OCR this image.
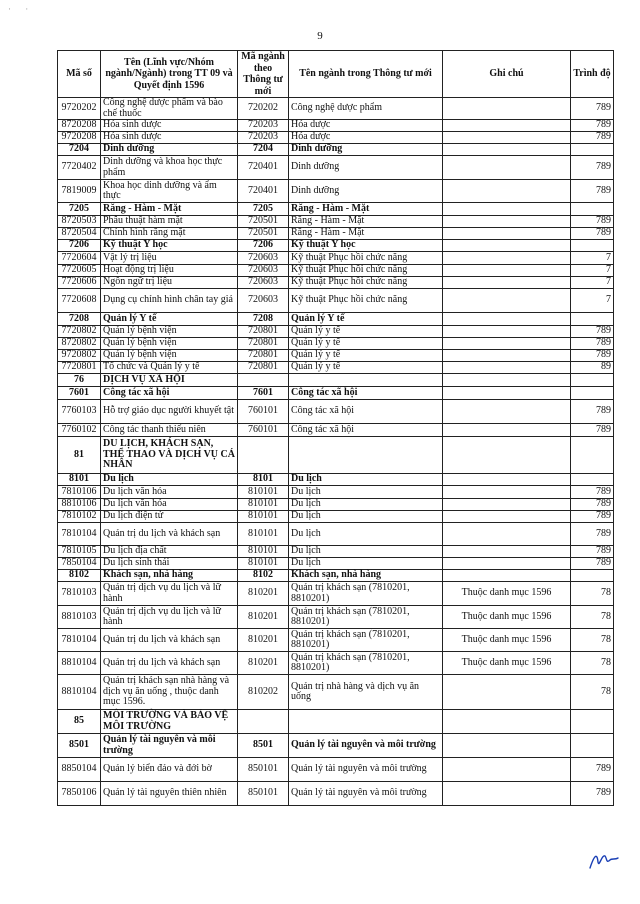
· ·
9
Mã số	Tên (Lĩnh vực/Nhóm ngành/Ngành) trong TT 09 và Quyết định 1596	Mã ngành theo Thông tư mới	Tên ngành trong Thông tư mới	Ghi chú	Trình độ
9720202	Công nghệ dược phẩm và bào chế thuốc	720202	Công nghệ dược phẩm		789
8720208	Hóa sinh dược	720203	Hóa dược		789
9720208	Hóa sinh dược	720203	Hóa dược		789
7204	Dinh dưỡng	7204	Dinh dưỡng		
7720402	Dinh dưỡng và khoa học thực phẩm	720401	Dinh dưỡng		789
7819009	Khoa học dinh dưỡng và ẩm thực	720401	Dinh dưỡng		789
7205	Răng - Hàm - Mặt	7205	Răng - Hàm - Mặt		
8720503	Phẫu thuật hàm mặt	720501	Răng - Hàm - Mặt		789
8720504	Chỉnh hình răng mặt	720501	Răng - Hàm - Mặt		789
7206	Kỹ thuật Y học	7206	Kỹ thuật Y học		
7720604	Vật lý trị liệu	720603	Kỹ thuật Phục hồi chức năng		7
7720605	Hoạt động trị liệu	720603	Kỹ thuật Phục hồi chức năng		7
7720606	Ngôn ngữ trị liệu	720603	Kỹ thuật Phục hồi chức năng		7
7720608	Dụng cụ chỉnh hình chân tay giả	720603	Kỹ thuật Phục hồi chức năng		7
7208	Quản lý Y tế	7208	Quản lý Y tế		
7720802	Quản lý bệnh viện	720801	Quản lý y tế		789
8720802	Quản lý bệnh viện	720801	Quản lý y tế		789
9720802	Quản lý bệnh viện	720801	Quản lý y tế		789
7720801	Tổ chức và Quản lý y tế	720801	Quản lý y tế		89
76	DỊCH VỤ XÃ HỘI				
7601	Công tác xã hội	7601	Công tác xã hội		
7760103	Hỗ trợ giáo dục người khuyết tật	760101	Công tác xã hội		789
7760102	Công tác thanh thiếu niên	760101	Công tác xã hội		789
81	DU LỊCH, KHÁCH SẠN, THỂ THAO VÀ DỊCH VỤ CÁ NHÂN				
8101	Du lịch	8101	Du lịch		
7810106	Du lịch văn hóa	810101	Du lịch		789
8810106	Du lịch văn hóa	810101	Du lịch		789
7810102	Du lịch điện tử	810101	Du lịch		789
7810104	Quản trị du lịch và khách sạn	810101	Du lịch		789
7810105	Du lịch địa chất	810101	Du lịch		789
7850104	Du lịch sinh thái	810101	Du lịch		789
8102	Khách sạn, nhà hàng	8102	Khách sạn, nhà hàng		
7810103	Quản trị dịch vụ du lịch và lữ hành	810201	Quản trị khách sạn (7810201, 8810201)	Thuộc danh mục 1596	78
8810103	Quản trị dịch vụ du lịch và lữ hành	810201	Quản trị khách sạn (7810201, 8810201)	Thuộc danh mục 1596	78
7810104	Quản trị du lịch và khách sạn	810201	Quản trị khách sạn (7810201, 8810201)	Thuộc danh mục 1596	78
8810104	Quản trị du lịch và khách sạn	810201	Quản trị khách sạn (7810201, 8810201)	Thuộc danh mục 1596	78
8810104	Quản trị khách sạn nhà hàng và dịch vụ ăn uống , thuộc danh mục 1596.	810202	Quản trị nhà hàng và dịch vụ ăn uống		78
85	MÔI TRƯỜNG VÀ BẢO VỆ MÔI TRƯỜNG				
8501	Quản lý tài nguyên và môi trường	8501	Quản lý tài nguyên và môi trường		
8850104	Quản lý biển đảo và đới bờ	850101	Quản lý tài nguyên và môi trường		789
7850106	Quản lý tài nguyên thiên nhiên	850101	Quản lý tài nguyên và môi trường		789
